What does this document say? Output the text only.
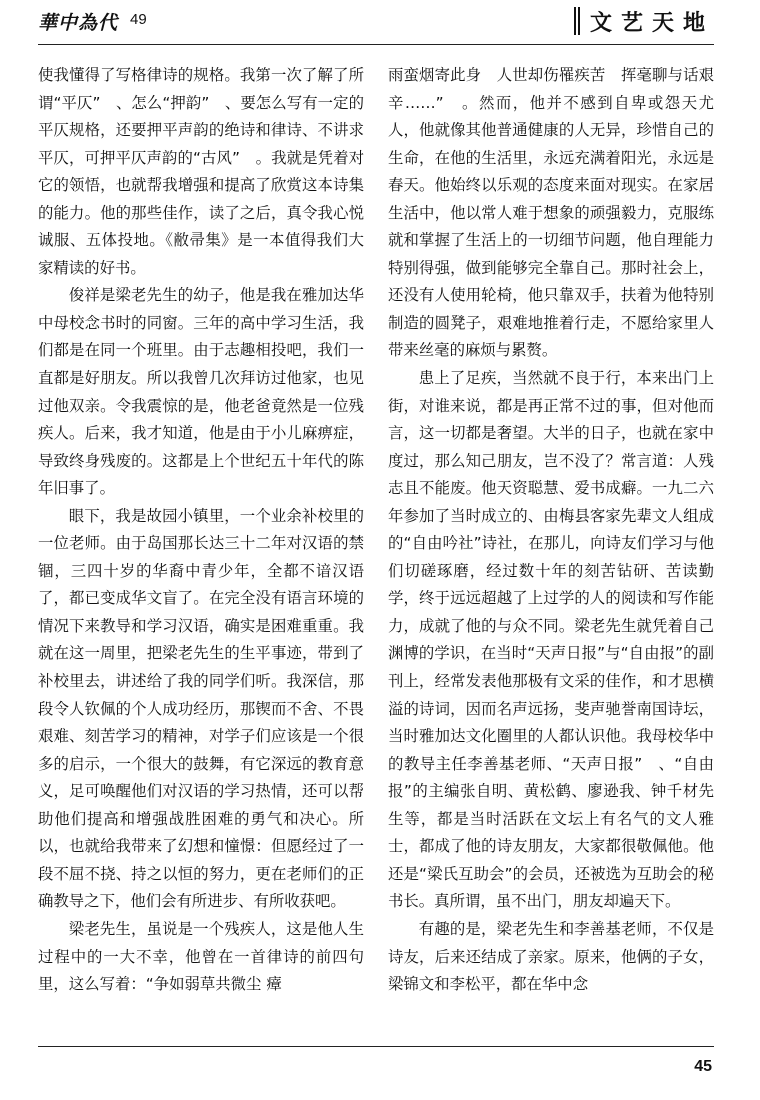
華中為代 49	文艺天地

使我懂得了写格律诗的规格。我第一次了解了所谓“平仄”　、怎么“押韵”　、要怎么写有一定的平仄规格，还要押平声韵的绝诗和律诗、不讲求平仄，可押平仄声韵的“古风”　。我就是凭着对它的领悟，也就帮我增强和提高了欣赏这本诗集的能力。他的那些佳作，读了之后，真令我心悦诚服、五体投地。《敝帚集》是一本值得我们大家精读的好书。

俊祥是梁老先生的幼子，他是我在雅加达华中母校念书时的同窗。三年的高中学习生活，我们都是在同一个班里。由于志趣相投吧，我们一直都是好朋友。所以我曾几次拜访过他家，也见过他双亲。令我震惊的是，他老爸竟然是一位残疾人。后来，我才知道，他是由于小儿麻痹症，导致终身残废的。这都是上个世纪五十年代的陈年旧事了。

眼下，我是故园小镇里，一个业余补校里的一位老师。由于岛国那长达三十二年对汉语的禁锢，三四十岁的华裔中青少年，全都不谙汉语了，都已变成华文盲了。在完全没有语言环境的情况下来教导和学习汉语，确实是困难重重。我就在这一周里，把梁老先生的生平事迹，带到了补校里去，讲述给了我的同学们听。我深信，那段令人钦佩的个人成功经历，那锲而不舍、不畏艰难、刻苦学习的精神，对学子们应该是一个很多的启示，一个很大的鼓舞，有它深远的教育意义，足可唤醒他们对汉语的学习热情，还可以帮助他们提高和增强战胜困难的勇气和决心。所以，也就给我带来了幻想和憧憬：但愿经过了一段不屈不挠、持之以恒的努力，更在老师们的正确教导之下，他们会有所进步、有所收获吧。

梁老先生，虽说是一个残疾人，这是他人生过程中的一大不幸，他曾在一首律诗的前四句里，这么写着：“争如弱草共微尘 瘴

雨蛮烟寄此身　人世却伤罹疾苦　挥毫聊与话艰辛……”　。然而，他并不感到自卑或怨天尤人，他就像其他普通健康的人无异，珍惜自己的生命，在他的生活里，永远充满着阳光，永远是春天。他始终以乐观的态度来面对现实。在家居生活中，他以常人难于想象的顽强毅力，克服练就和掌握了生活上的一切细节问题，他自理能力特别得强，做到能够完全靠自己。那时社会上，还没有人使用轮椅，他只靠双手，扶着为他特别制造的圆凳子，艰难地推着行走，不愿给家里人带来丝毫的麻烦与累赘。

患上了足疾，当然就不良于行，本来出门上街，对谁来说，都是再正常不过的事，但对他而言，这一切都是奢望。大半的日子，也就在家中度过，那么知己朋友，岂不没了？常言道：人残志且不能废。他天资聪慧、爱书成癖。一九二六年参加了当时成立的、由梅县客家先辈文人组成的“自由吟社”诗社，在那儿，向诗友们学习与他们切磋琢磨，经过数十年的刻苦钻研、苦读勤学，终于远远超越了上过学的人的阅读和写作能力，成就了他的与众不同。梁老先生就凭着自己渊博的学识，在当时“天声日报”与“自由报”的副刊上，经常发表他那极有文采的佳作，和才思横溢的诗词，因而名声远扬，斐声驰誉南国诗坛，当时雅加达文化圈里的人都认识他。我母校华中的教导主任李善基老师、“天声日报”　、“自由报”的主编张自明、黄松鹤、廖逊我、钟千材先生等，都是当时活跃在文坛上有名气的文人雅士，都成了他的诗友朋友，大家都很敬佩他。他还是“梁氏互助会”的会员，还被选为互助会的秘书长。真所谓，虽不出门，朋友却遍天下。

有趣的是，梁老先生和李善基老师，不仅是诗友，后来还结成了亲家。原来，他俩的子女，梁锦文和李松平，都在华中念

45
